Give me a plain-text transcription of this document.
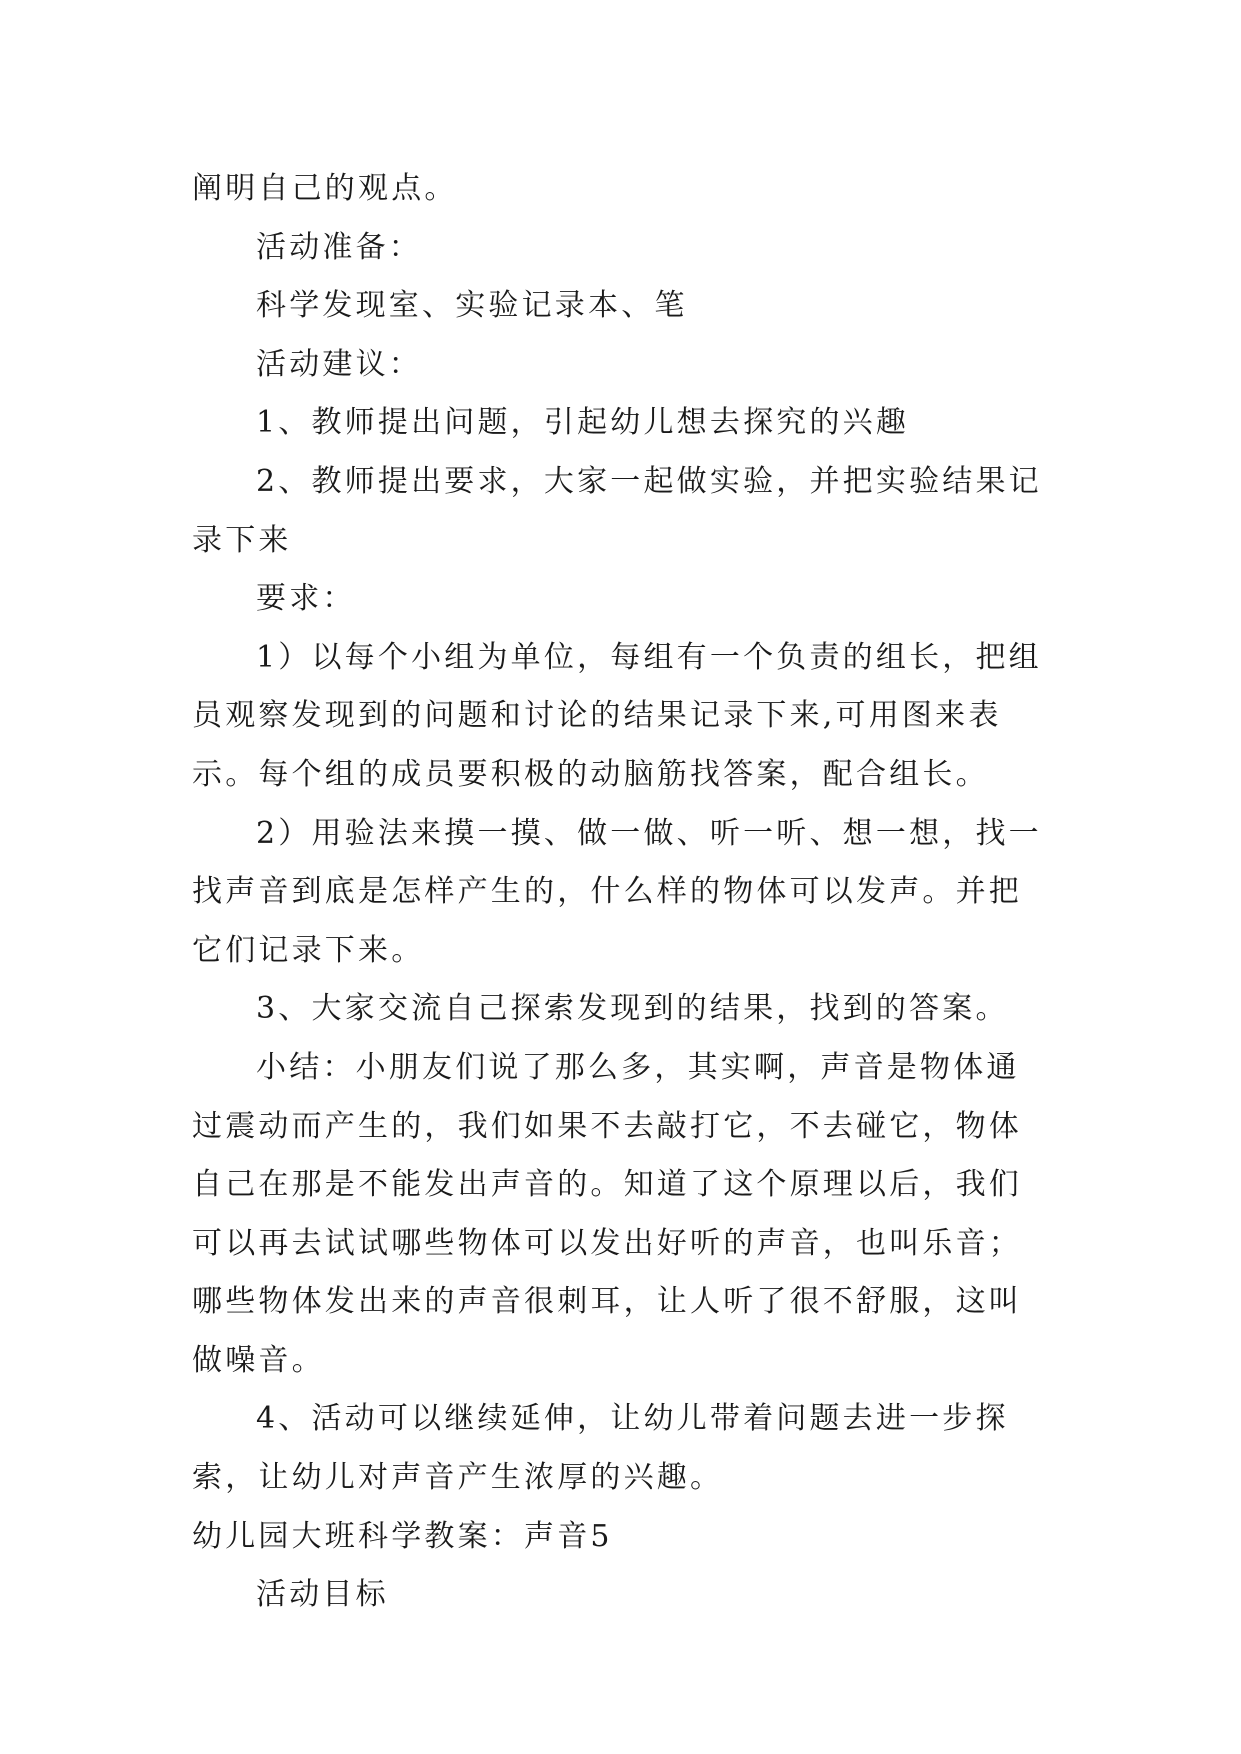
阐明自己的观点。

活动准备：

科学发现室、实验记录本、笔

活动建议：

1、教师提出问题，引起幼儿想去探究的兴趣

2、教师提出要求，大家一起做实验，并把实验结果记录下来

要求：

1）以每个小组为单位，每组有一个负责的组长，把组员观察发现到的问题和讨论的结果记录下来,可用图来表示。每个组的成员要积极的动脑筋找答案，配合组长。

2）用验法来摸一摸、做一做、听一听、想一想，找一找声音到底是怎样产生的，什么样的物体可以发声。并把它们记录下来。

3、大家交流自己探索发现到的结果，找到的答案。

小结：小朋友们说了那么多，其实啊，声音是物体通过震动而产生的，我们如果不去敲打它，不去碰它，物体自己在那是不能发出声音的。知道了这个原理以后，我们可以再去试试哪些物体可以发出好听的声音，也叫乐音；哪些物体发出来的声音很刺耳，让人听了很不舒服，这叫做噪音。

4、活动可以继续延伸，让幼儿带着问题去进一步探索，让幼儿对声音产生浓厚的兴趣。

幼儿园大班科学教案：声音5

活动目标
